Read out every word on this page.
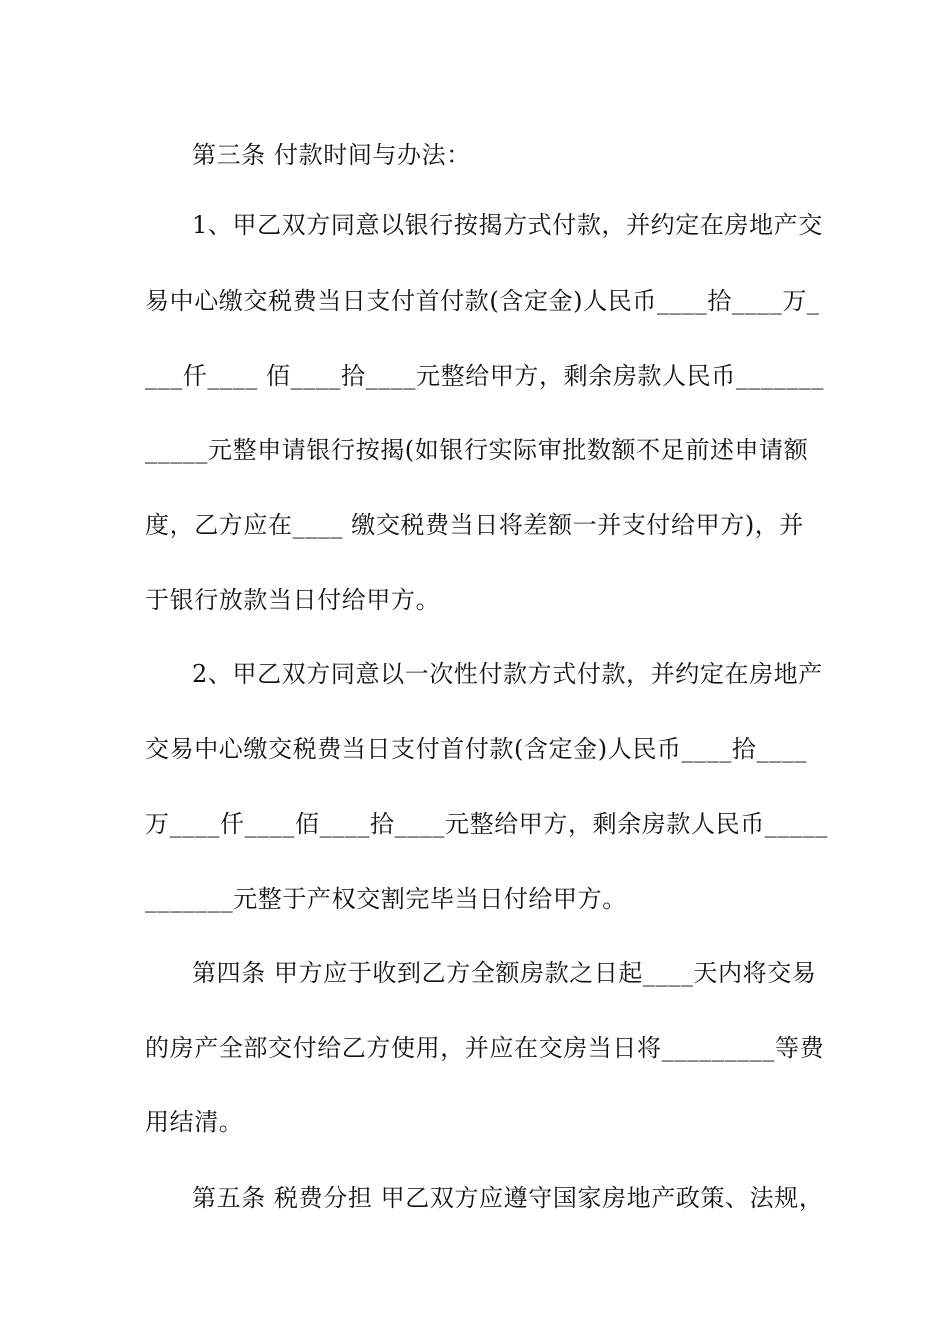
第三条 付款时间与办法：
1、甲乙双方同意以银行按揭方式付款，并约定在房地产交
易中心缴交税费当日支付首付款(含定金)人民币____拾____万_
___仟____ 佰____拾____元整给甲方，剩余房款人民币_______
_____元整申请银行按揭(如银行实际审批数额不足前述申请额
度，乙方应在____ 缴交税费当日将差额一并支付给甲方)，并
于银行放款当日付给甲方。
2、甲乙双方同意以一次性付款方式付款，并约定在房地产
交易中心缴交税费当日支付首付款(含定金)人民币____拾____
万____仟____佰____拾____元整给甲方，剩余房款人民币_____
_______元整于产权交割完毕当日付给甲方。
第四条 甲方应于收到乙方全额房款之日起____天内将交易
的房产全部交付给乙方使用，并应在交房当日将_________等费
用结清。
第五条 税费分担 甲乙双方应遵守国家房地产政策、法规，
